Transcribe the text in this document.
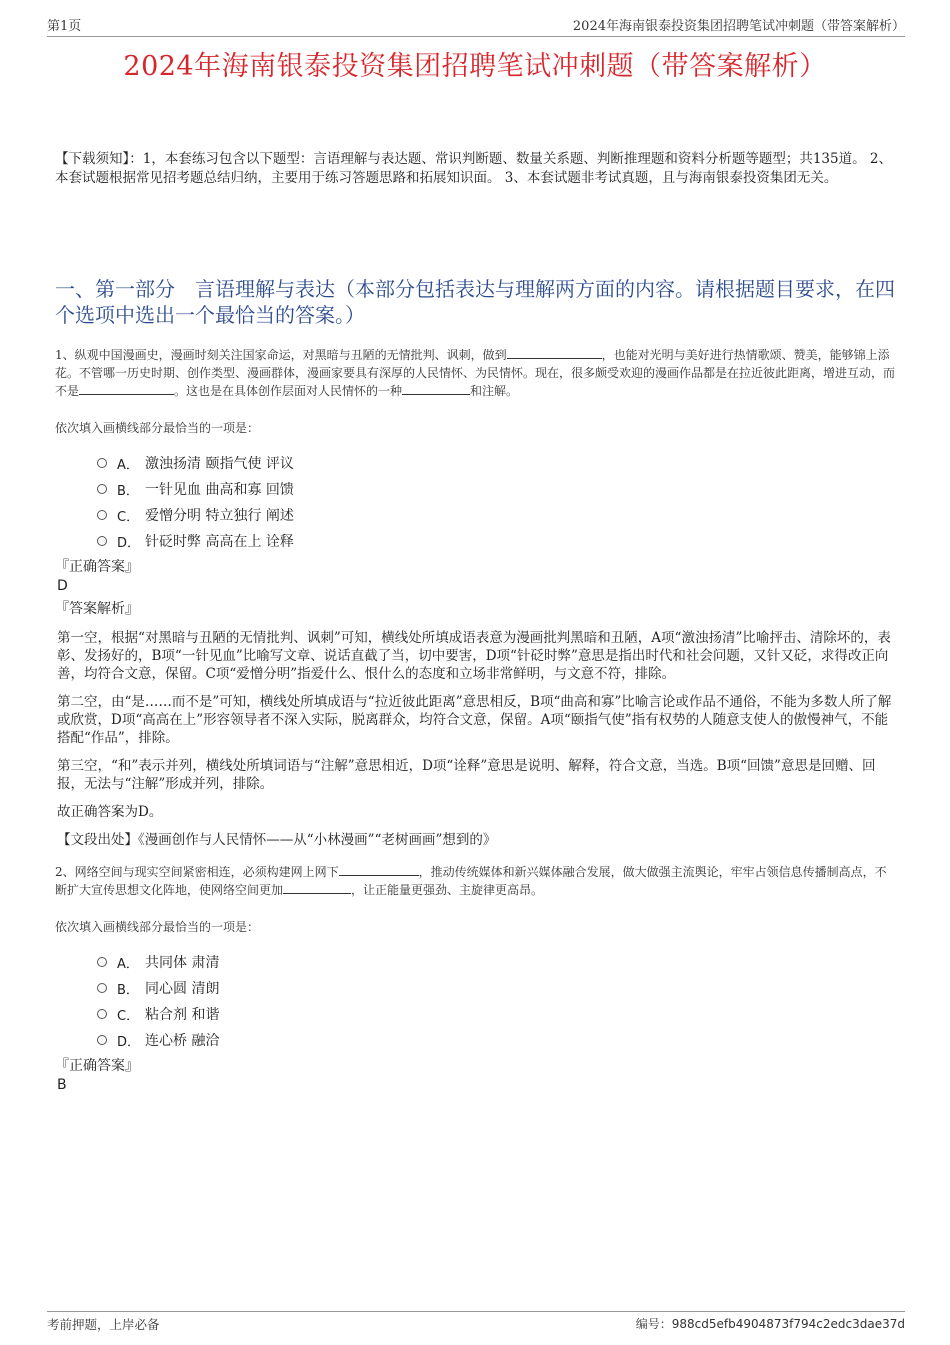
第1页	2024年海南银泰投资集团招聘笔试冲刺题（带答案解析）
2024年海南银泰投资集团招聘笔试冲刺题（带答案解析）
【下载须知】：1，本套练习包含以下题型：言语理解与表达题、常识判断题、数量关系题、判断推理题和资料分析题等题型；共135道。 2、本套试题根据常见招考题总结归纳，主要用于练习答题思路和拓展知识面。 3、本套试题非考试真题，且与海南银泰投资集团无关。
一、第一部分　言语理解与表达（本部分包括表达与理解两方面的内容。请根据题目要求，在四个选项中选出一个最恰当的答案。）

1、纵观中国漫画史，漫画时刻关注国家命运，对黑暗与丑陋的无情批判、讽刺，做到	，也能对光明与美好进行热情歌颂、赞美，能够锦上添花。不管哪一历史时期、创作类型、漫画群体，漫画家要具有深厚的人民情怀、为民情怀。现在，很多颇受欢迎的漫画作品都是在拉近彼此距离，增进互动，而不是	。这也是在具体创作层面对人民情怀的一种	和注解。

依次填入画横线部分最恰当的一项是：
A． 激浊扬清 颐指气使 评议
B． 一针见血 曲高和寡 回馈
C． 爱憎分明 特立独行 阐述
D． 针砭时弊 高高在上 诠释
『正确答案』
D
『答案解析』

第一空，根据“对黑暗与丑陋的无情批判、讽刺”可知，横线处所填成语表意为漫画批判黑暗和丑陋，A项“激浊扬清”比喻抨击、清除坏的，表彰、发扬好的，B项“一针见血”比喻写文章、说话直截了当，切中要害，D项“针砭时弊”意思是指出时代和社会问题，又针又砭，求得改正向善，均符合文意，保留。C项“爱憎分明”指爱什么、恨什么的态度和立场非常鲜明，与文意不符，排除。

第二空，由“是……而不是”可知，横线处所填成语与“拉近彼此距离”意思相反，B项“曲高和寡”比喻言论或作品不通俗，不能为多数人所了解或欣赏，D项“高高在上”形容领导者不深入实际，脱离群众，均符合文意，保留。A项“颐指气使”指有权势的人随意支使人的傲慢神气，不能搭配“作品”，排除。

第三空，“和”表示并列，横线处所填词语与“注解”意思相近，D项“诠释”意思是说明、解释，符合文意，当选。B项“回馈”意思是回赠、回报，无法与“注解”形成并列，排除。

故正确答案为D。

【文段出处】《漫画创作与人民情怀——从“小林漫画”“老树画画”想到的》

2、网络空间与现实空间紧密相连，必须构建网上网下	，推动传统媒体和新兴媒体融合发展，做大做强主流舆论，牢牢占领信息传播制高点，不断扩大宣传思想文化阵地，使网络空间更加	，让正能量更强劲、主旋律更高昂。

依次填入画横线部分最恰当的一项是：
A． 共同体 肃清
B． 同心圆 清朗
C． 粘合剂 和谐
D． 连心桥 融洽
『正确答案』
B
考前押题，上岸必备	编号：988cd5efb4904873f794c2edc3dae37d
